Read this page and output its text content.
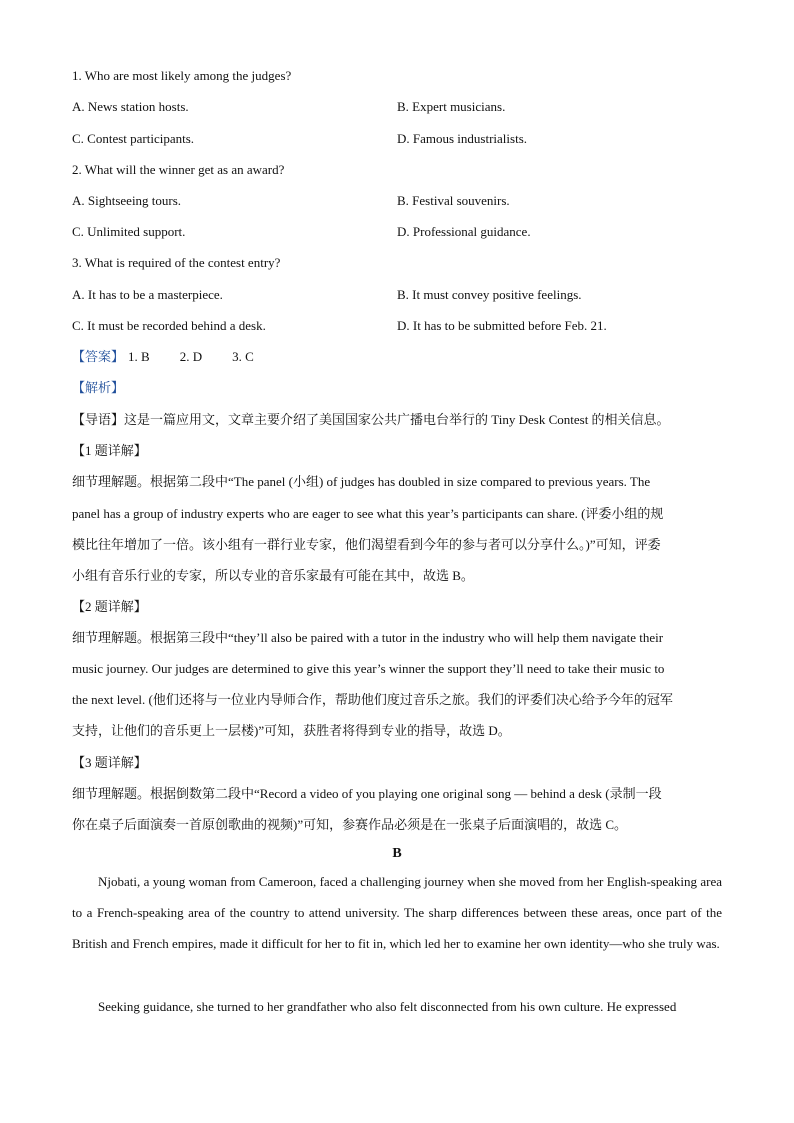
1. Who are most likely among the judges?
A. News station hosts.	B. Expert musicians.
C. Contest participants.	D. Famous industrialists.
2. What will the winner get as an award?
A. Sightseeing tours.	B. Festival souvenirs.
C. Unlimited support.	D. Professional guidance.
3. What is required of the contest entry?
A. It has to be a masterpiece.	B. It must convey positive feelings.
C. It must be recorded behind a desk.	D. It has to be submitted before Feb. 21.
【答案】 1. B 2. D 3. C
【解析】
【导语】这是一篇应用文，文章主要介绍了美国国家公共广播电台举行的 Tiny Desk Contest 的相关信息。
【1 题详解】
细节理解题。根据第二段中“The panel (小组) of judges has doubled in size compared to previous years. The
panel has a group of industry experts who are eager to see what this year’s participants can share. (评委小组的规
模比往年增加了一倍。该小组有一群行业专家，他们渴望看到今年的参与者可以分享什么。)”可知，评委
小组有音乐行业的专家，所以专业的音乐家最有可能在其中，故选 B。
【2 题详解】
细节理解题。根据第三段中“they’ll also be paired with a tutor in the industry who will help them navigate their
music journey. Our judges are determined to give this year’s winner the support they’ll need to take their music to
the next level. (他们还将与一位业内导师合作，帮助他们度过音乐之旅。我们的评委们决心给予今年的冠军
支持，让他们的音乐更上一层楼)”可知，获胜者将得到专业的指导，故选 D。
【3 题详解】
细节理解题。根据倒数第二段中“Record a video of you playing one original song — behind a desk (录制一段
你在桌子后面演奏一首原创歌曲的视频)”可知，参赛作品必须是在一张桌子后面演唱的，故选 C。
B
Njobati, a young woman from Cameroon, faced a challenging journey when she moved from her English-speaking area to a French-speaking area of the country to attend university. The sharp differences between these areas, once part of the British and French empires, made it difficult for her to fit in, which led her to examine her own identity—who she truly was.
Seeking guidance, she turned to her grandfather who also felt disconnected from his own culture. He expressed
